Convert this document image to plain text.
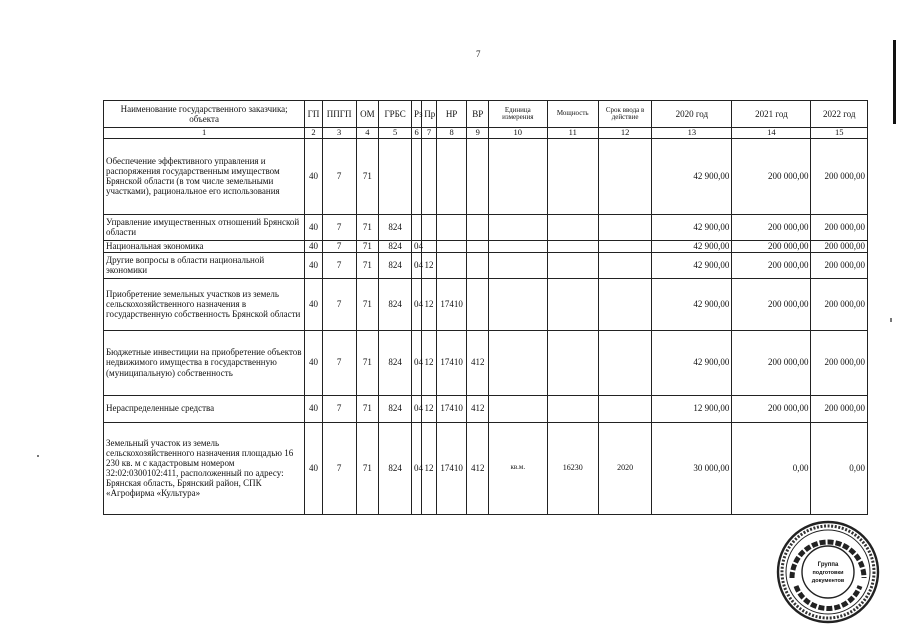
7
Наименование государственного заказчика; объекта	ГП	ППГП	ОМ	ГРБС	Рз	Пр	НР	ВР	Единица измерения	Мощность	Срок ввода в действие	2020 год	2021 год	2022 год
1	2	3	4	5	6	7	8	9	10	11	12	13	14	15
Обеспечение эффективного управления и распоряжения государственным имуществом Брянской области (в том числе земельными участками), рациональное его использования	40	7	71									42 900,00	200 000,00	200 000,00
Управление имущественных отношений Брянской области	40	7	71	824								42 900,00	200 000,00	200 000,00
Национальная экономика	40	7	71	824	04							42 900,00	200 000,00	200 000,00
Другие вопросы в области национальной экономики	40	7	71	824	04	12						42 900,00	200 000,00	200 000,00
Приобретение земельных участков из земель сельскохозяйственного назначения в государственную собственность Брянской области	40	7	71	824	04	12	17410					42 900,00	200 000,00	200 000,00
Бюджетные инвестиции на приобретение объектов недвижимого имущества в государственную (муниципальную) собственность	40	7	71	824	04	12	17410	412				42 900,00	200 000,00	200 000,00
Нераспределенные средства	40	7	71	824	04	12	17410	412				12 900,00	200 000,00	200 000,00
Земельный участок из земель сельскохозяйственного назначения площадью 16 230 кв. м с кадастровым номером 32:02:0300102:411, расположенный по адресу: Брянская область, Брянский район, СПК «Агрофирма «Культура»	40	7	71	824	04	12	17410	412	кв.м.	16230	2020	30 000,00	0,00	0,00
Группа
подготовки
документов
